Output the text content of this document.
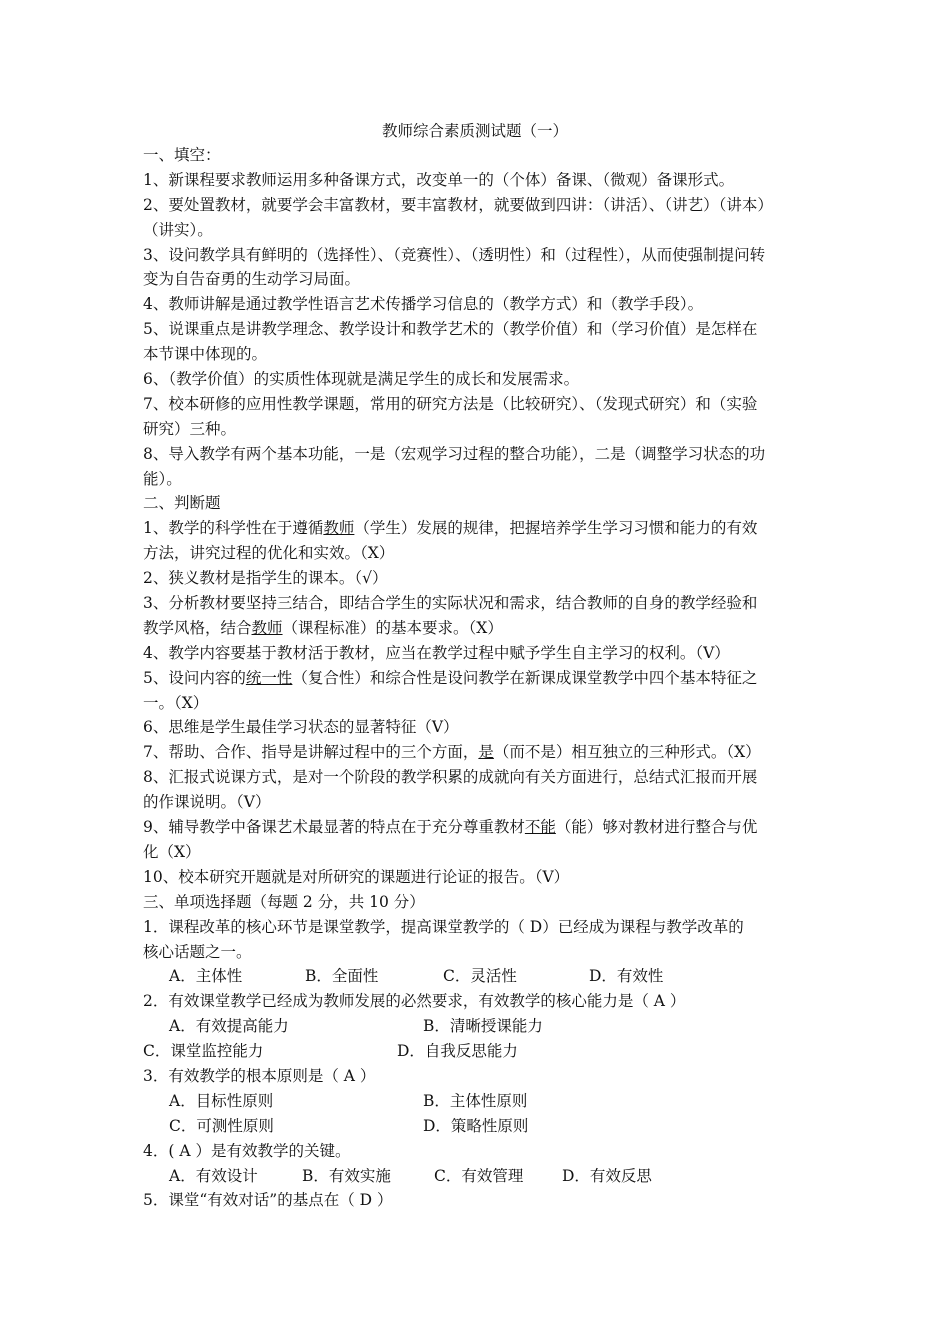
教师综合素质测试题（一）
一、填空：
1、新课程要求教师运用多种备课方式，改变单一的（个体）备课、（微观）备课形式。
2、要处置教材，就要学会丰富教材，要丰富教材，就要做到四讲：（讲活）、（讲艺）（讲本）
（讲实）。
3、设问教学具有鲜明的（选择性）、（竞赛性）、（透明性）和（过程性），从而使强制提问转
变为自告奋勇的生动学习局面。
4、教师讲解是通过教学性语言艺术传播学习信息的（教学方式）和（教学手段）。
5、说课重点是讲教学理念、教学设计和教学艺术的（教学价值）和（学习价值）是怎样在
本节课中体现的。
6、（教学价值）的实质性体现就是满足学生的成长和发展需求。
7、校本研修的应用性教学课题，常用的研究方法是（比较研究）、（发现式研究）和（实验
研究）三种。
8、导入教学有两个基本功能，一是（宏观学习过程的整合功能），二是（调整学习状态的功
能）。
二、判断题
1、教学的科学性在于遵循教师（学生）发展的规律，把握培养学生学习习惯和能力的有效
方法，讲究过程的优化和实效。（X）
2、狭义教材是指学生的课本。（√）
3、分析教材要坚持三结合，即结合学生的实际状况和需求，结合教师的自身的教学经验和
教学风格，结合教师（课程标准）的基本要求。（X）
4、教学内容要基于教材活于教材，应当在教学过程中赋予学生自主学习的权利。（V）
5、设问内容的统一性（复合性）和综合性是设问教学在新课成课堂教学中四个基本特征之
一。（X）
6、思维是学生最佳学习状态的显著特征（V）
7、帮助、合作、指导是讲解过程中的三个方面，是（而不是）相互独立的三种形式。（X）
8、汇报式说课方式，是对一个阶段的教学积累的成就向有关方面进行，总结式汇报而开展
的作课说明。（V）
9、辅导教学中备课艺术最显著的特点在于充分尊重教材不能（能）够对教材进行整合与优
化（X）
10、校本研究开题就是对所研究的课题进行论证的报告。（V）
三、单项选择题（每题 2 分，共 10 分）
1．课程改革的核心环节是课堂教学，提高课堂教学的（ D）已经成为课程与教学改革的
核心话题之一。
A．主体性	B．全面性	C．灵活性	D．有效性
2．有效课堂教学已经成为教师发展的必然要求，有效教学的核心能力是（ A ）
A．有效提高能力	B．清晰授课能力
C．课堂监控能力	D．自我反思能力
3．有效教学的根本原则是（ A ）
A．目标性原则	B．主体性原则
C．可测性原则	D．策略性原则
4．( A ）是有效教学的关键。
A．有效设计	B．有效实施	C．有效管理	D．有效反思
5．课堂“有效对话”的基点在（ D ）
